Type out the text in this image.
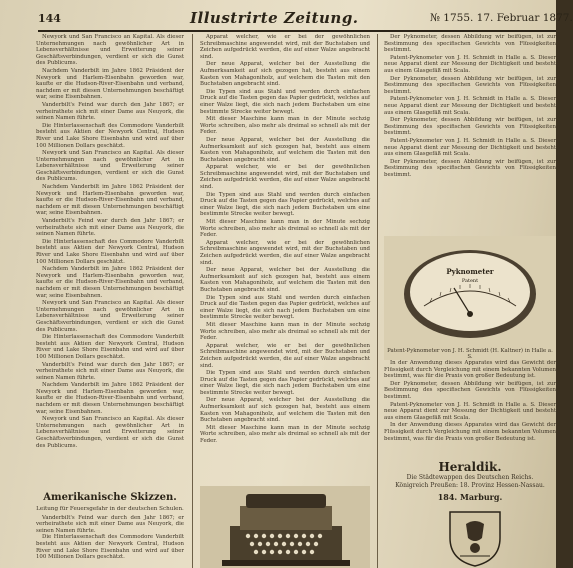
144	Illustrirte Zeitung.	№ 1755. 17. Februar 1877.

Newyork und San Francisco an Kapital. Als dieser Unternehmungen nach gewöhnlicher Art in Lebensverhältnisse und Erweiterung seiner Geschäftsverbindungen, verdient er sich die Gunst des Publicums.

Nachdem Vanderbilt im Jahre 1862 Präsident der Newyork und Harlem-Eisenbahn geworden war, kaufte er die Hudson-River-Eisenbahn und verband, nachdem er mit diesen Unternehmungen beschäftigt war, seine Eisenbahnen.

Vanderbilt's Feind war durch den Jahr 1867; er verheirathete sich mit einer Dame aus Neuyork, die seinen Namen führte.

Die Hinterlassenschaft des Commodore Vanderbilt besteht aus Aktien der Newyork Central, Hudson River und Lake Shore Eisenbahn und wird auf über 100 Millionen Dollars geschätzt.

Newyork und San Francisco an Kapital. Als dieser Unternehmungen nach gewöhnlicher Art in Lebensverhältnisse und Erweiterung seiner Geschäftsverbindungen, verdient er sich die Gunst des Publicums.

Nachdem Vanderbilt im Jahre 1862 Präsident der Newyork und Harlem-Eisenbahn geworden war, kaufte er die Hudson-River-Eisenbahn und verband, nachdem er mit diesen Unternehmungen beschäftigt war, seine Eisenbahnen.

Vanderbilt's Feind war durch den Jahr 1867; er verheirathete sich mit einer Dame aus Neuyork, die seinen Namen führte.

Die Hinterlassenschaft des Commodore Vanderbilt besteht aus Aktien der Newyork Central, Hudson River und Lake Shore Eisenbahn und wird auf über 100 Millionen Dollars geschätzt.

Nachdem Vanderbilt im Jahre 1862 Präsident der Newyork und Harlem-Eisenbahn geworden war, kaufte er die Hudson-River-Eisenbahn und verband, nachdem er mit diesen Unternehmungen beschäftigt war, seine Eisenbahnen.

Newyork und San Francisco an Kapital. Als dieser Unternehmungen nach gewöhnlicher Art in Lebensverhältnisse und Erweiterung seiner Geschäftsverbindungen, verdient er sich die Gunst des Publicums.

Die Hinterlassenschaft des Commodore Vanderbilt besteht aus Aktien der Newyork Central, Hudson River und Lake Shore Eisenbahn und wird auf über 100 Millionen Dollars geschätzt.

Vanderbilt's Feind war durch den Jahr 1867; er verheirathete sich mit einer Dame aus Neuyork, die seinen Namen führte.

Nachdem Vanderbilt im Jahre 1862 Präsident der Newyork und Harlem-Eisenbahn geworden war, kaufte er die Hudson-River-Eisenbahn und verband, nachdem er mit diesen Unternehmungen beschäftigt war, seine Eisenbahnen.

Newyork und San Francisco an Kapital. Als dieser Unternehmungen nach gewöhnlicher Art in Lebensverhältnisse und Erweiterung seiner Geschäftsverbindungen, verdient er sich die Gunst des Publicums.

Amerikanische Skizzen.
Leitung für Feuersgefahr in der deutschen Schulen.

Vanderbilt's Feind war durch den Jahr 1867; er verheirathete sich mit einer Dame aus Neuyork, die seinen Namen führte.

Die Hinterlassenschaft des Commodore Vanderbilt besteht aus Aktien der Newyork Central, Hudson River und Lake Shore Eisenbahn und wird auf über 100 Millionen Dollars geschätzt.

Apparat welcher, wie er bei der gewöhnlichen Schreibmaschine angewendet wird, mit der Buchstaben und Zeichen aufgedrückt werden, die auf einer Walze angebracht sind.

Der neue Apparat, welcher bei der Ausstellung die Aufmerksamkeit auf sich gezogen hat, besteht aus einem Kasten von Mahagoniholz, auf welchem die Tasten mit den Buchstaben angebracht sind.

Die Typen sind aus Stahl und werden durch einfachen Druck auf die Tasten gegen das Papier gedrückt, welches auf einer Walze liegt, die sich nach jedem Buchstaben um eine bestimmte Strecke weiter bewegt.

Mit dieser Maschine kann man in der Minute sechzig Worte schreiben, also mehr als dreimal so schnell als mit der Feder.

Der neue Apparat, welcher bei der Ausstellung die Aufmerksamkeit auf sich gezogen hat, besteht aus einem Kasten von Mahagoniholz, auf welchem die Tasten mit den Buchstaben angebracht sind.

Apparat welcher, wie er bei der gewöhnlichen Schreibmaschine angewendet wird, mit der Buchstaben und Zeichen aufgedrückt werden, die auf einer Walze angebracht sind.

Die Typen sind aus Stahl und werden durch einfachen Druck auf die Tasten gegen das Papier gedrückt, welches auf einer Walze liegt, die sich nach jedem Buchstaben um eine bestimmte Strecke weiter bewegt.

Mit dieser Maschine kann man in der Minute sechzig Worte schreiben, also mehr als dreimal so schnell als mit der Feder.

Apparat welcher, wie er bei der gewöhnlichen Schreibmaschine angewendet wird, mit der Buchstaben und Zeichen aufgedrückt werden, die auf einer Walze angebracht sind.

Der neue Apparat, welcher bei der Ausstellung die Aufmerksamkeit auf sich gezogen hat, besteht aus einem Kasten von Mahagoniholz, auf welchem die Tasten mit den Buchstaben angebracht sind.

Die Typen sind aus Stahl und werden durch einfachen Druck auf die Tasten gegen das Papier gedrückt, welches auf einer Walze liegt, die sich nach jedem Buchstaben um eine bestimmte Strecke weiter bewegt.

Mit dieser Maschine kann man in der Minute sechzig Worte schreiben, also mehr als dreimal so schnell als mit der Feder.

Apparat welcher, wie er bei der gewöhnlichen Schreibmaschine angewendet wird, mit der Buchstaben und Zeichen aufgedrückt werden, die auf einer Walze angebracht sind.

Die Typen sind aus Stahl und werden durch einfachen Druck auf die Tasten gegen das Papier gedrückt, welches auf einer Walze liegt, die sich nach jedem Buchstaben um eine bestimmte Strecke weiter bewegt.

Der neue Apparat, welcher bei der Ausstellung die Aufmerksamkeit auf sich gezogen hat, besteht aus einem Kasten von Mahagoniholz, auf welchem die Tasten mit den Buchstaben angebracht sind.

Mit dieser Maschine kann man in der Minute sechzig Worte schreiben, also mehr als dreimal so schnell als mit der Feder.

Der Pyknometer, dessen Abbildung wir beifügen, ist zur Bestimmung des specifischen Gewichts von Flüssigkeiten bestimmt.

Patent-Pyknometer von J. H. Schmidt in Halle a. S. Dieser neue Apparat dient zur Messung der Dichtigkeit und besteht aus einem Glasgefäß mit Scala.

Der Pyknometer, dessen Abbildung wir beifügen, ist zur Bestimmung des specifischen Gewichts von Flüssigkeiten bestimmt.

Patent-Pyknometer von J. H. Schmidt in Halle a. S. Dieser neue Apparat dient zur Messung der Dichtigkeit und besteht aus einem Glasgefäß mit Scala.

Der Pyknometer, dessen Abbildung wir beifügen, ist zur Bestimmung des specifischen Gewichts von Flüssigkeiten bestimmt.

Patent-Pyknometer von J. H. Schmidt in Halle a. S. Dieser neue Apparat dient zur Messung der Dichtigkeit und besteht aus einem Glasgefäß mit Scala.

Der Pyknometer, dessen Abbildung wir beifügen, ist zur Bestimmung des specifischen Gewichts von Flüssigkeiten bestimmt.

Pyknometer
Patent
Patent-Pyknometer von J. H. Schmidt (H. Kaltner) in Halle a. S.

In der Anwendung dieses Apparates wird das Gewicht der Flüssigkeit durch Vergleichung mit einem bekannten Volumen bestimmt, was für die Praxis von großer Bedeutung ist.

Der Pyknometer, dessen Abbildung wir beifügen, ist zur Bestimmung des specifischen Gewichts von Flüssigkeiten bestimmt.

Patent-Pyknometer von J. H. Schmidt in Halle a. S. Dieser neue Apparat dient zur Messung der Dichtigkeit und besteht aus einem Glasgefäß mit Scala.

In der Anwendung dieses Apparates wird das Gewicht der Flüssigkeit durch Vergleichung mit einem bekannten Volumen bestimmt, was für die Praxis von großer Bedeutung ist.

Heraldik.
Die Städtewappen des Deutschen Reichs.
Königreich Preußen: 18. Provinz Hessen-Nassau.
184. Marburg.
